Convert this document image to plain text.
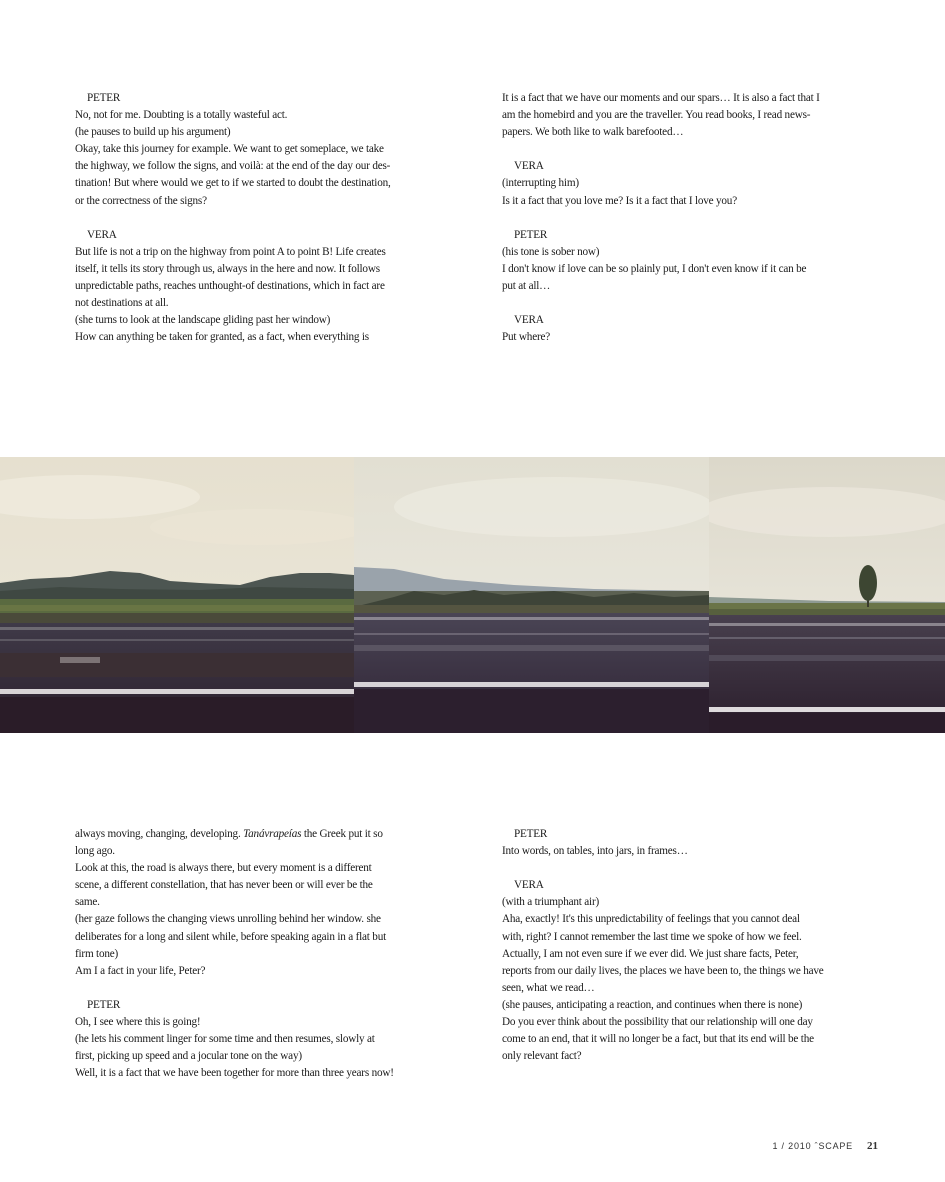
PETER

No, not for me. Doubting is a totally wasteful act.

(he pauses to build up his argument)

Okay, take this journey for example. We want to get someplace, we take

the highway, we follow the signs, and voilà: at the end of the day our des-

tination! But where would we get to if we started to doubt the destination,

or the correctness of the signs?

VERA

But life is not a trip on the highway from point A to point B! Life creates

itself, it tells its story through us, always in the here and now. It follows

unpredictable paths, reaches unthought-of destinations, which in fact are

not destinations at all.

(she turns to look at the landscape gliding past her window)

How can anything be taken for granted, as a fact, when everything is

It is a fact that we have our moments and our spars… It is also a fact that I

am the homebird and you are the traveller. You read books, I read news-

papers. We both like to walk barefooted…

VERA

(interrupting him)

Is it a fact that you love me? Is it a fact that I love you?

PETER

(his tone is sober now)

I don't know if love can be so plainly put, I don't even know if it can be

put at all…

VERA

Put where?

always moving, changing, developing. Tanávrapeías the Greek put it so

long ago.

Look at this, the road is always there, but every moment is a different

scene, a different constellation, that has never been or will ever be the

same.

(her gaze follows the changing views unrolling behind her window. she

deliberates for a long and silent while, before speaking again in a flat but

firm tone)

Am I a fact in your life, Peter?

PETER

Oh, I see where this is going!

(he lets his comment linger for some time and then resumes, slowly at

first, picking up speed and a jocular tone on the way)

Well, it is a fact that we have been together for more than three years now!

PETER

Into words, on tables, into jars, in frames…

VERA

(with a triumphant air)

Aha, exactly! It's this unpredictability of feelings that you cannot deal

with, right? I cannot remember the last time we spoke of how we feel.

Actually, I am not even sure if we ever did. We just share facts, Peter,

reports from our daily lives, the places we have been to, the things we have

seen, what we read…

(she pauses, anticipating a reaction, and continues when there is none)

Do you ever think about the possibility that our relationship will one day

come to an end, that it will no longer be a fact, but that its end will be the

only relevant fact?

1 / 2010 ˆSCAPE 21
